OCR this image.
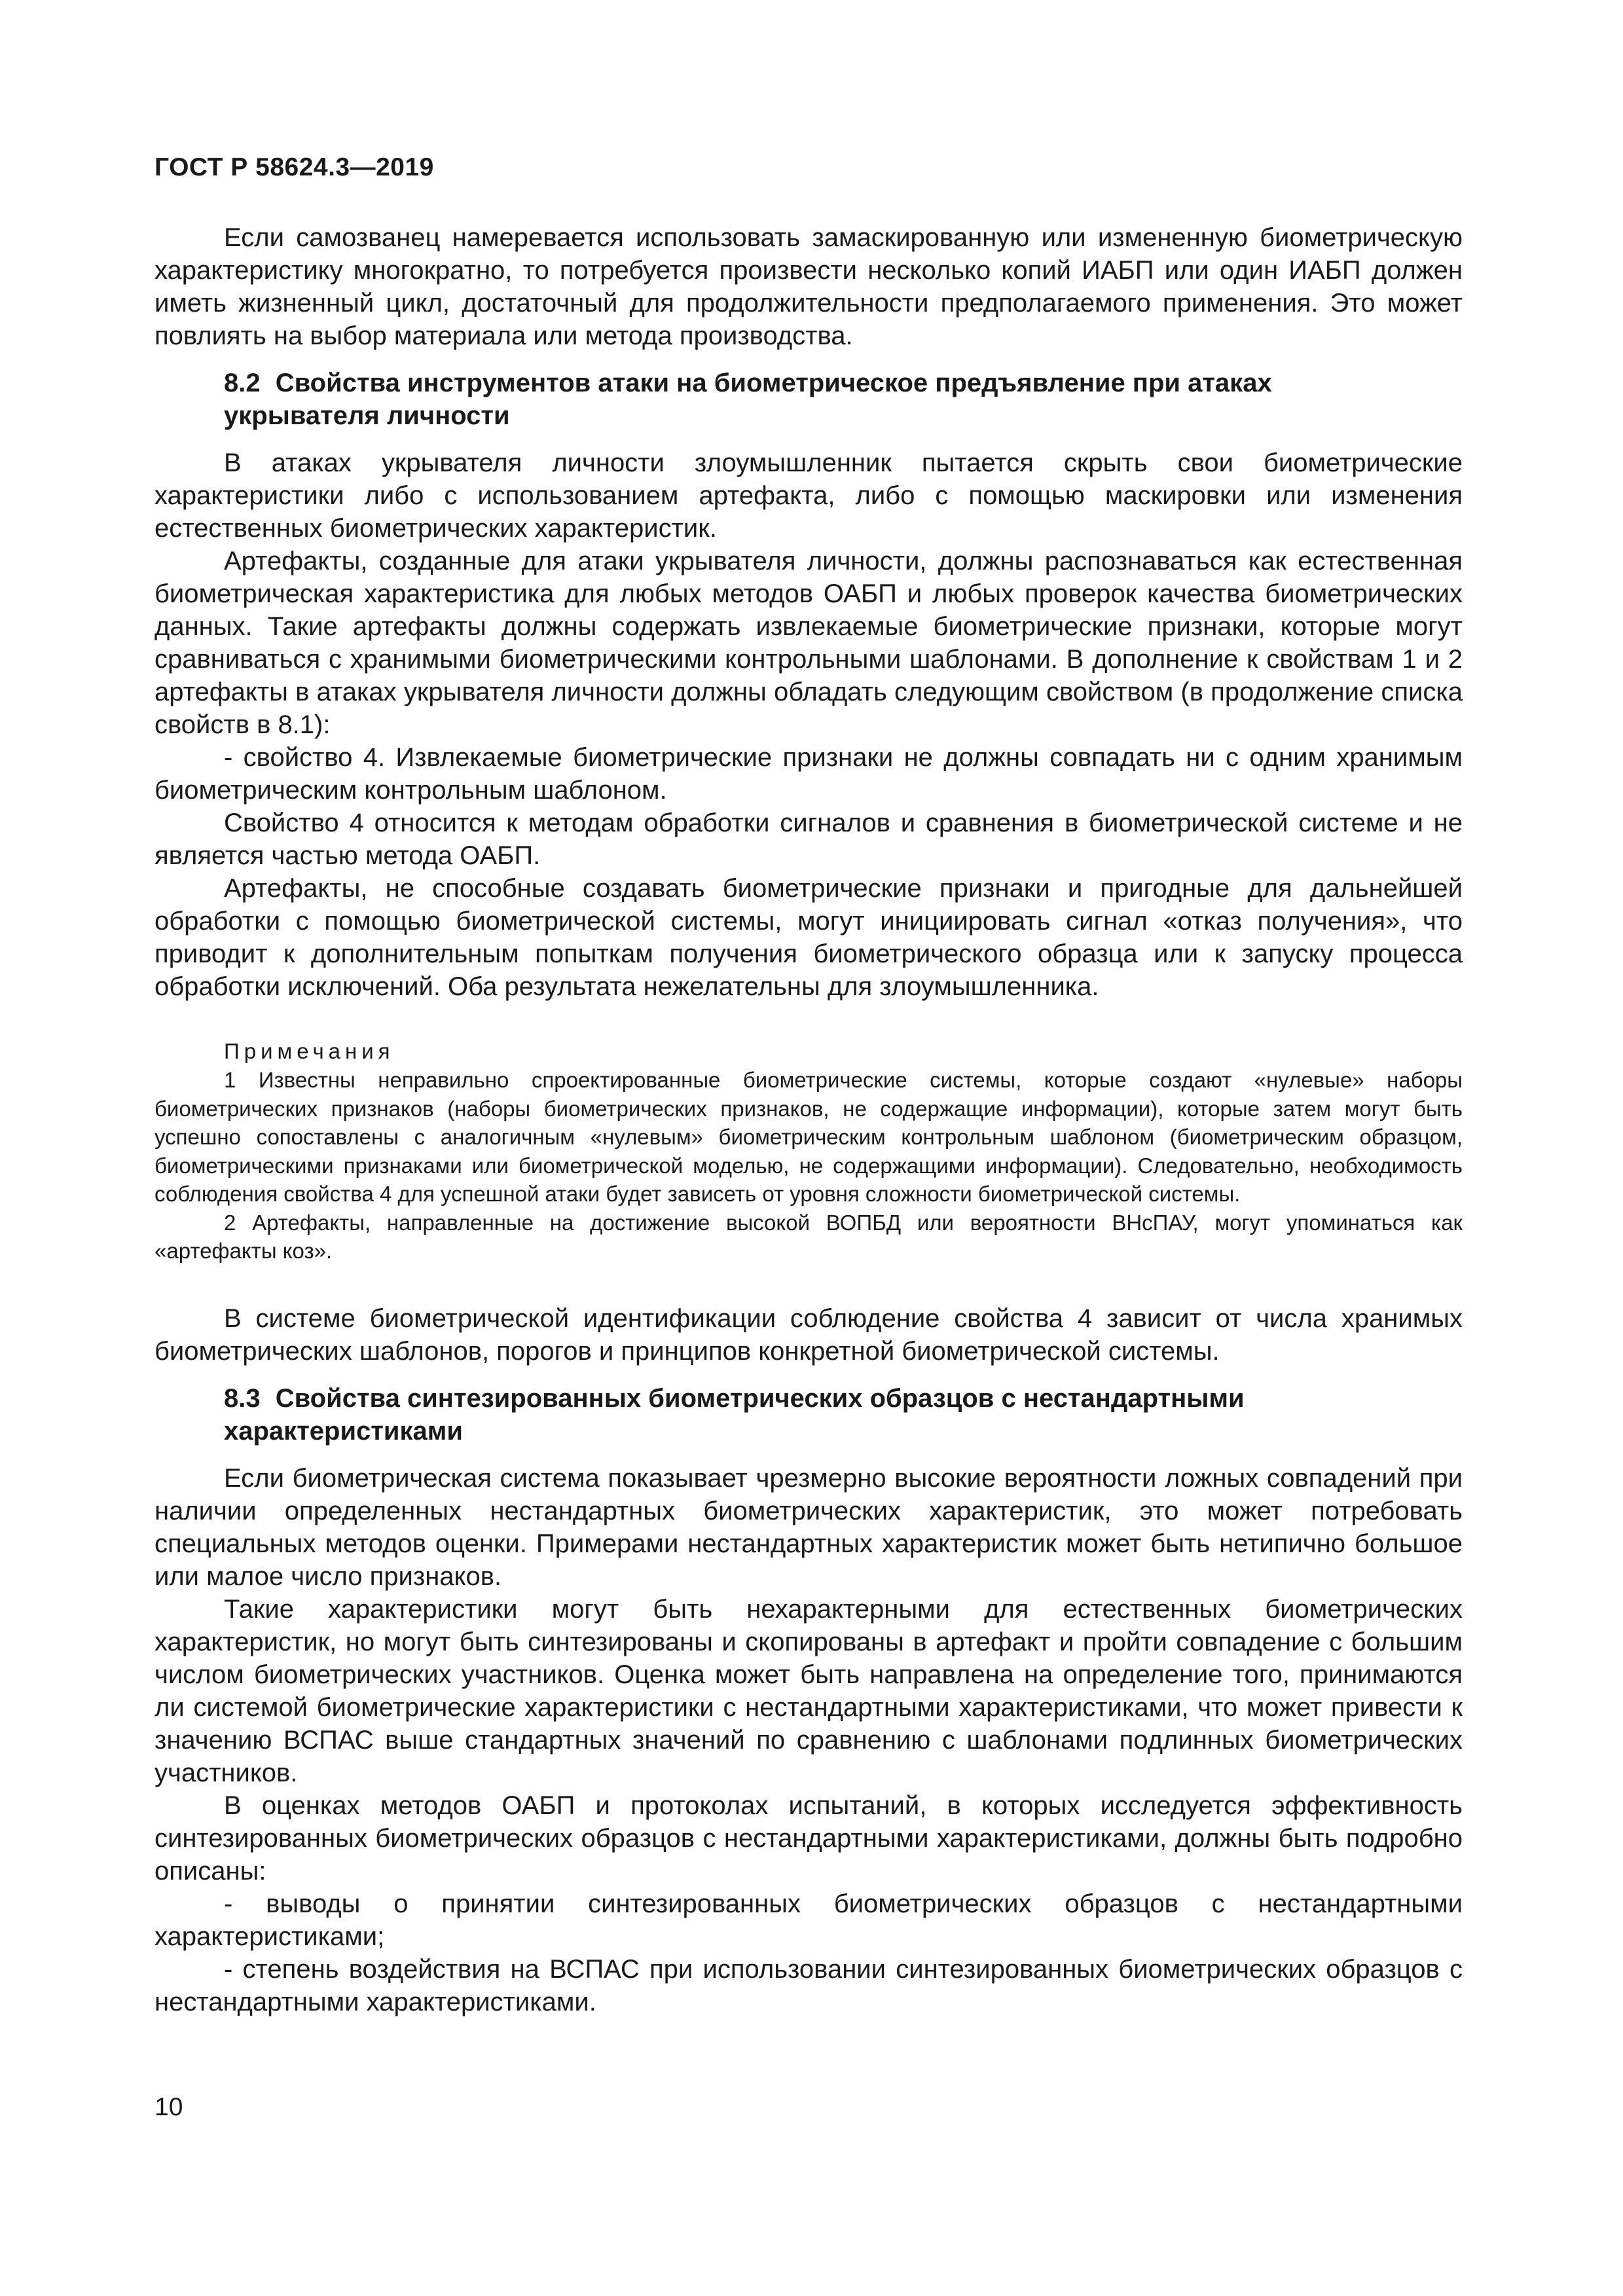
ГОСТ Р 58624.3—2019

Если самозванец намеревается использовать замаскированную или измененную биометрическую характеристику многократно, то потребуется произвести несколько копий ИАБП или один ИАБП должен иметь жизненный цикл, достаточный для продолжительности предполагаемого применения. Это может повлиять на выбор материала или метода производства.

8.2 Свойства инструментов атаки на биометрическое предъявление при атаках укрывателя личности

В атаках укрывателя личности злоумышленник пытается скрыть свои биометрические характеристики либо с использованием артефакта, либо с помощью маскировки или изменения естественных биометрических характеристик.

Артефакты, созданные для атаки укрывателя личности, должны распознаваться как естественная биометрическая характеристика для любых методов ОАБП и любых проверок качества биометрических данных. Такие артефакты должны содержать извлекаемые биометрические признаки, которые могут сравниваться с хранимыми биометрическими контрольными шаблонами. В дополнение к свойствам 1 и 2 артефакты в атаках укрывателя личности должны обладать следующим свойством (в продолжение списка свойств в 8.1):

- свойство 4. Извлекаемые биометрические признаки не должны совпадать ни с одним хранимым биометрическим контрольным шаблоном.

Свойство 4 относится к методам обработки сигналов и сравнения в биометрической системе и не является частью метода ОАБП.

Артефакты, не способные создавать биометрические признаки и пригодные для дальнейшей обработки с помощью биометрической системы, могут инициировать сигнал «отказ получения», что приводит к дополнительным попыткам получения биометрического образца или к запуску процесса обработки исключений. Оба результата нежелательны для злоумышленника.

Примечания

1 Известны неправильно спроектированные биометрические системы, которые создают «нулевые» наборы биометрических признаков (наборы биометрических признаков, не содержащие информации), которые затем могут быть успешно сопоставлены с аналогичным «нулевым» биометрическим контрольным шаблоном (биометрическим образцом, биометрическими признаками или биометрической моделью, не содержащими информации). Следовательно, необходимость соблюдения свойства 4 для успешной атаки будет зависеть от уровня сложности биометрической системы.

2 Артефакты, направленные на достижение высокой ВОПБД или вероятности ВНсПАУ, могут упоминаться как «артефакты коз».

В системе биометрической идентификации соблюдение свойства 4 зависит от числа хранимых биометрических шаблонов, порогов и принципов конкретной биометрической системы.

8.3 Свойства синтезированных биометрических образцов с нестандартными характеристиками

Если биометрическая система показывает чрезмерно высокие вероятности ложных совпадений при наличии определенных нестандартных биометрических характеристик, это может потребовать специальных методов оценки. Примерами нестандартных характеристик может быть нетипично большое или малое число признаков.

Такие характеристики могут быть нехарактерными для естественных биометрических характеристик, но могут быть синтезированы и скопированы в артефакт и пройти совпадение с большим числом биометрических участников. Оценка может быть направлена на определение того, принимаются ли системой биометрические характеристики с нестандартными характеристиками, что может привести к значению ВСПАС выше стандартных значений по сравнению с шаблонами подлинных биометрических участников.

В оценках методов ОАБП и протоколах испытаний, в которых исследуется эффективность синтезированных биометрических образцов с нестандартными характеристиками, должны быть подробно описаны:

- выводы о принятии синтезированных биометрических образцов с нестандартными характеристиками;

- степень воздействия на ВСПАС при использовании синтезированных биометрических образцов с нестандартными характеристиками.

10
